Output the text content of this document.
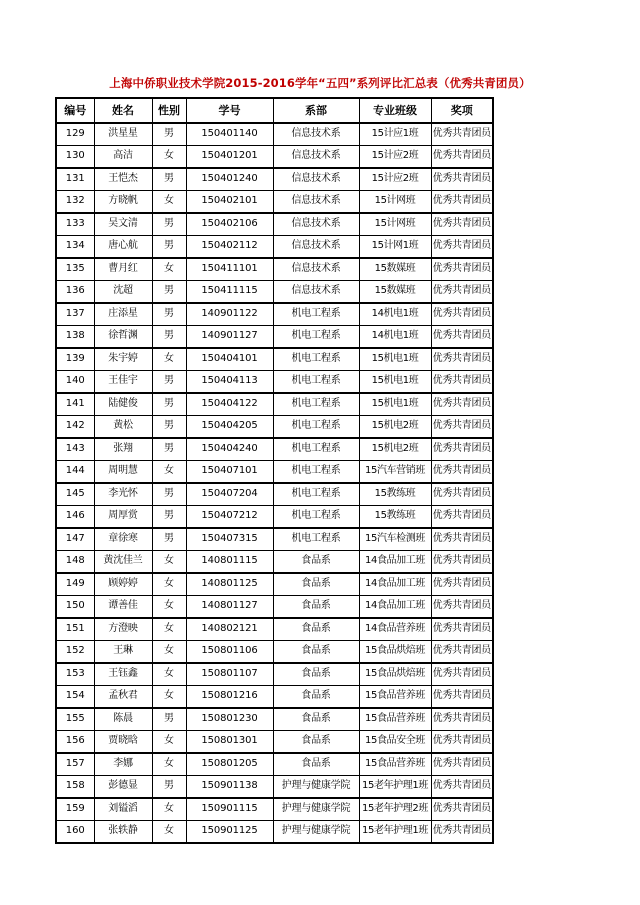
上海中侨职业技术学院2015-2016学年“五四”系列评比汇总表（优秀共青团员）
编号	姓名	性别	学号	系部	专业班级	奖项
129	洪星星	男	150401140	信息技术系	15计应1班	优秀共青团员
130	高洁	女	150401201	信息技术系	15计应2班	优秀共青团员
131	王恺杰	男	150401240	信息技术系	15计应2班	优秀共青团员
132	方晓帆	女	150402101	信息技术系	15计网班	优秀共青团员
133	吴文清	男	150402106	信息技术系	15计网班	优秀共青团员
134	唐心航	男	150402112	信息技术系	15计网1班	优秀共青团员
135	曹月红	女	150411101	信息技术系	15数媒班	优秀共青团员
136	沈超	男	150411115	信息技术系	15数媒班	优秀共青团员
137	庄添星	男	140901122	机电工程系	14机电1班	优秀共青团员
138	徐哲渊	男	140901127	机电工程系	14机电1班	优秀共青团员
139	朱宇婷	女	150404101	机电工程系	15机电1班	优秀共青团员
140	王佳宇	男	150404113	机电工程系	15机电1班	优秀共青团员
141	陆健俊	男	150404122	机电工程系	15机电1班	优秀共青团员
142	黄松	男	150404205	机电工程系	15机电2班	优秀共青团员
143	张翔	男	150404240	机电工程系	15机电2班	优秀共青团员
144	周明慧	女	150407101	机电工程系	15汽车营销班	优秀共青团员
145	李光怀	男	150407204	机电工程系	15教练班	优秀共青团员
146	周厚赏	男	150407212	机电工程系	15教练班	优秀共青团员
147	章徐寒	男	150407315	机电工程系	15汽车检测班	优秀共青团员
148	黄沈佳兰	女	140801115	食品系	14食品加工班	优秀共青团员
149	顾婷婷	女	140801125	食品系	14食品加工班	优秀共青团员
150	谭善佳	女	140801127	食品系	14食品加工班	优秀共青团员
151	方澄映	女	140802121	食品系	14食品营养班	优秀共青团员
152	王琳	女	150801106	食品系	15食品烘焙班	优秀共青团员
153	王钰鑫	女	150801107	食品系	15食品烘焙班	优秀共青团员
154	孟秋君	女	150801216	食品系	15食品营养班	优秀共青团员
155	陈晨	男	150801230	食品系	15食品营养班	优秀共青团员
156	贾晓晗	女	150801301	食品系	15食品安全班	优秀共青团员
157	李娜	女	150801205	食品系	15食品营养班	优秀共青团员
158	彭德显	男	150901138	护理与健康学院	15老年护理1班	优秀共青团员
159	刘镒滔	女	150901115	护理与健康学院	15老年护理2班	优秀共青团员
160	张轶静	女	150901125	护理与健康学院	15老年护理1班	优秀共青团员
